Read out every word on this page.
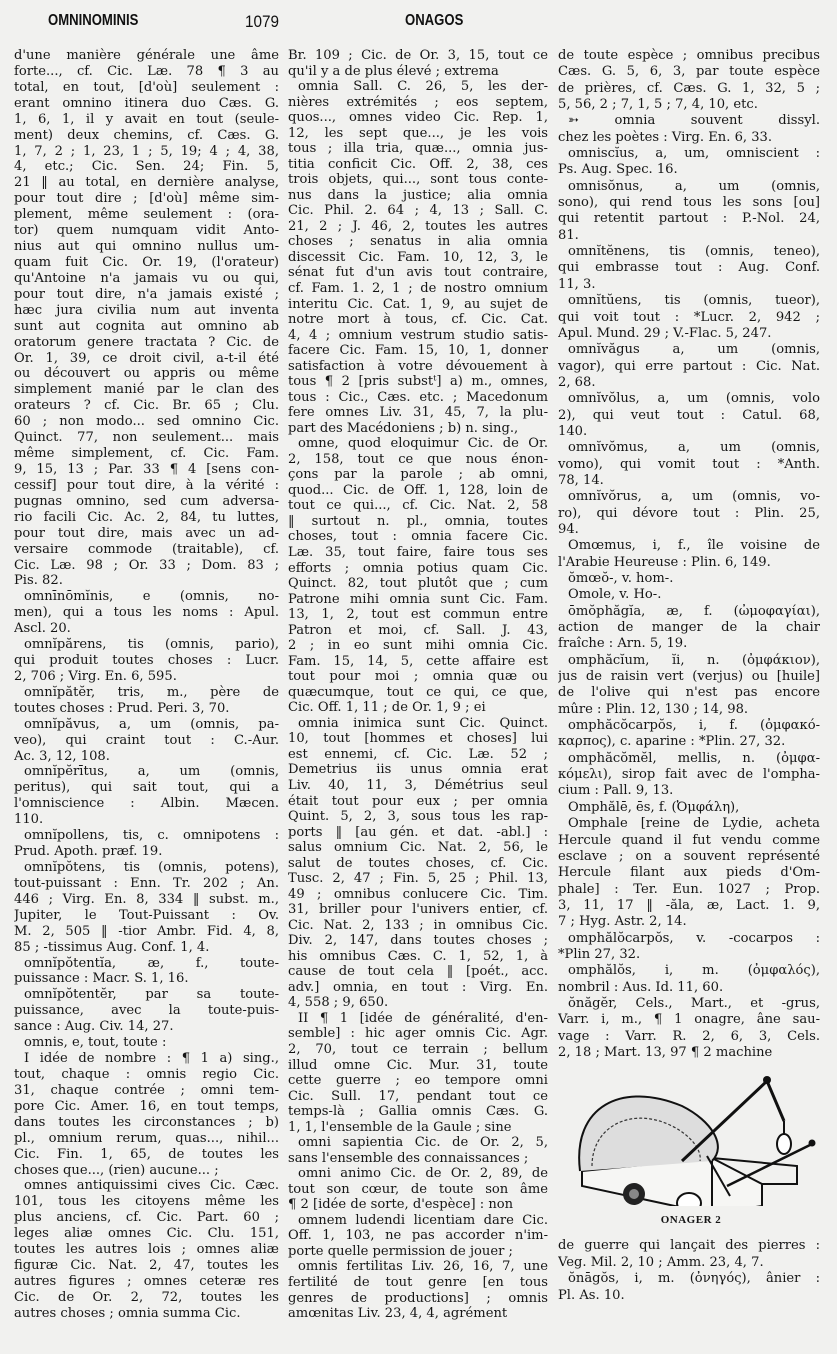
OMNINOMINIS	1079	ONAGOS
d'une manière générale une âme
forte..., cf. Cic. Læ. 78 ¶ 3 au
total, en tout, [d'où] seulement :
erant omnino itinera duo Cæs. G.
1, 6, 1, il y avait en tout (seule-
ment) deux chemins, cf. Cæs. G.
1, 7, 2 ; 1, 23, 1 ; 5, 19; 4 ; 4, 38,
4, etc.; Cic. Sen. 24; Fin. 5,
21 ‖ au total, en dernière analyse,
pour tout dire ; [d'où] même sim-
plement, même seulement : (ora-
tor) quem numquam vidit Anto-
nius aut qui omnino nullus um-
quam fuit Cic. Or. 19, (l'orateur)
qu'Antoine n'a jamais vu ou qui,
pour tout dire, n'a jamais existé ;
hæc jura civilia num aut inventa
sunt aut cognita aut omnino ab
oratorum genere tractata ? Cic. de
Or. 1, 39, ce droit civil, a-t-il été
ou découvert ou appris ou même
simplement manié par le clan des
orateurs ? cf. Cic. Br. 65 ; Clu.
60 ; non modo... sed omnino Cic.
Quinct. 77, non seulement... mais
même simplement, cf. Cic. Fam.
9, 15, 13 ; Par. 33 ¶ 4 [sens con-
cessif] pour tout dire, à la vérité :
pugnas omnino, sed cum adversa-
rio facili Cic. Ac. 2, 84, tu luttes,
pour tout dire, mais avec un ad-
versaire commode (traitable), cf.
Cic. Læ. 98 ; Or. 33 ; Dom. 83 ;
Pis. 82.
omnīnōmĭnis, e (omnis, no-
men), qui a tous les noms : Apul.
Ascl. 20.
omnĭpărens, tis (omnis, pario),
qui produit toutes choses : Lucr.
2, 706 ; Virg. En. 6, 595.
omnĭpătĕr, tris, m., père de
toutes choses : Prud. Peri. 3, 70.
omnĭpăvus, a, um (omnis, pa-
veo), qui craint tout : C.-Aur.
Ac. 3, 12, 108.
omnĭpĕrītus, a, um (omnis,
peritus), qui sait tout, qui a
l'omniscience : Albin. Mæcen.
110.
omnĭpollens, tis, c. omnipotens :
Prud. Apoth. præf. 19.
omnĭpŏtens, tis (omnis, potens),
tout-puissant : Enn. Tr. 202 ; An.
446 ; Virg. En. 8, 334 ‖ subst. m.,
Jupiter, le Tout-Puissant : Ov.
M. 2, 505 ‖ -tior Ambr. Fid. 4, 8,
85 ; -tissimus Aug. Conf. 1, 4.
omnĭpŏtentĭa, æ, f., toute-
puissance : Macr. S. 1, 16.
omnĭpŏtentĕr, par sa toute-
puissance, avec la toute-puis-
sance : Aug. Civ. 14, 27.
omnis, e, tout, toute :
I idée de nombre : ¶ 1 a) sing.,
tout, chaque : omnis regio Cic.
31, chaque contrée ; omni tem-
pore Cic. Amer. 16, en tout temps,
dans toutes les circonstances ; b)
pl., omnium rerum, quas..., nihil...
Cic. Fin. 1, 65, de toutes les
choses que..., (rien) aucune... ;
omnes antiquissimi cives Cic. Cæc.
101, tous les citoyens même les
plus anciens, cf. Cic. Part. 60 ;
leges aliæ omnes Cic. Clu. 151,
toutes les autres lois ; omnes aliæ
figuræ Cic. Nat. 2, 47, toutes les
autres figures ; omnes ceteræ res
Cic. de Or. 2, 72, toutes les
autres choses ; omnia summa Cic.
Br. 109 ; Cic. de Or. 3, 15, tout ce
qu'il y a de plus élevé ; extrema
omnia Sall. C. 26, 5, les der-
nières extrémités ; eos septem,
quos..., omnes video Cic. Rep. 1,
12, les sept que..., je les vois
tous ; illa tria, quæ..., omnia jus-
titia conficit Cic. Off. 2, 38, ces
trois objets, qui..., sont tous conte-
nus dans la justice; alia omnia
Cic. Phil. 2. 64 ; 4, 13 ; Sall. C.
21, 2 ; J. 46, 2, toutes les autres
choses ; senatus in alia omnia
discessit Cic. Fam. 10, 12, 3, le
sénat fut d'un avis tout contraire,
cf. Fam. 1. 2, 1 ; de nostro omnium
interitu Cic. Cat. 1, 9, au sujet de
notre mort à tous, cf. Cic. Cat.
4, 4 ; omnium vestrum studio satis-
facere Cic. Fam. 15, 10, 1, donner
satisfaction à votre dévouement à
tous ¶ 2 [pris substᵗ] a) m., omnes,
tous : Cic., Cæs. etc. ; Macedonum
fere omnes Liv. 31, 45, 7, la plu-
part des Macédoniens ; b) n. sing.,
omne, quod eloquimur Cic. de Or.
2, 158, tout ce que nous énon-
çons par la parole ; ab omni,
quod... Cic. de Off. 1, 128, loin de
tout ce qui..., cf. Cic. Nat. 2, 58
‖ surtout n. pl., omnia, toutes
choses, tout : omnia facere Cic.
Læ. 35, tout faire, faire tous ses
efforts ; omnia potius quam Cic.
Quinct. 82, tout plutôt que ; cum
Patrone mihi omnia sunt Cic. Fam.
13, 1, 2, tout est commun entre
Patron et moi, cf. Sall. J. 43,
2 ; in eo sunt mihi omnia Cic.
Fam. 15, 14, 5, cette affaire est
tout pour moi ; omnia quæ ou
quæcumque, tout ce qui, ce que,
Cic. Off. 1, 11 ; de Or. 1, 9 ; ei
omnia inimica sunt Cic. Quinct.
10, tout [hommes et choses] lui
est ennemi, cf. Cic. Læ. 52 ;
Demetrius iis unus omnia erat
Liv. 40, 11, 3, Démétrius seul
était tout pour eux ; per omnia
Quint. 5, 2, 3, sous tous les rap-
ports ‖ [au gén. et dat. -abl.] :
salus omnium Cic. Nat. 2, 56, le
salut de toutes choses, cf. Cic.
Tusc. 2, 47 ; Fin. 5, 25 ; Phil. 13,
49 ; omnibus conlucere Cic. Tim.
31, briller pour l'univers entier, cf.
Cic. Nat. 2, 133 ; in omnibus Cic.
Div. 2, 147, dans toutes choses ;
his omnibus Cæs. C. 1, 52, 1, à
cause de tout cela ‖ [poét., acc.
adv.] omnia, en tout : Virg. En.
4, 558 ; 9, 650.
II ¶ 1 [idée de généralité, d'en-
semble] : hic ager omnis Cic. Agr.
2, 70, tout ce terrain ; bellum
illud omne Cic. Mur. 31, toute
cette guerre ; eo tempore omni
Cic. Sull. 17, pendant tout ce
temps-là ; Gallia omnis Cæs. G.
1, 1, l'ensemble de la Gaule ; sine
omni sapientia Cic. de Or. 2, 5,
sans l'ensemble des connaissances ;
omni animo Cic. de Or. 2, 89, de
tout son cœur, de toute son âme
¶ 2 [idée de sorte, d'espèce] : non
omnem ludendi licentiam dare Cic.
Off. 1, 103, ne pas accorder n'im-
porte quelle permission de jouer ;
omnis fertilitas Liv. 26, 16, 7, une
fertilité de tout genre [en tous
genres de productions] ; omnis
amœnitas Liv. 23, 4, 4, agrément
de toute espèce ; omnibus precibus
Cæs. G. 5, 6, 3, par toute espèce
de prières, cf. Cæs. G. 1, 32, 5 ;
5, 56, 2 ; 7, 1, 5 ; 7, 4, 10, etc.
➳ omnia souvent dissyl.
chez les poètes : Virg. En. 6, 33.
omniscĭus, a, um, omniscient :
Ps. Aug. Spec. 16.
omnisŏnus, a, um (omnis,
sono), qui rend tous les sons [ou]
qui retentit partout : P.-Nol. 24,
81.
omnĭtĕnens, tis (omnis, teneo),
qui embrasse tout : Aug. Conf.
11, 3.
omnĭtŭens, tis (omnis, tueor),
qui voit tout : *Lucr. 2, 942 ;
Apul. Mund. 29 ; V.-Flac. 5, 247.
omnĭvăgus a, um (omnis,
vagor), qui erre partout : Cic. Nat.
2, 68.
omnĭvŏlus, a, um (omnis, volo
2), qui veut tout : Catul. 68,
140.
omnĭvŏmus, a, um (omnis,
vomo), qui vomit tout : *Anth.
78, 14.
omnĭvŏrus, a, um (omnis, vo-
ro), qui dévore tout : Plin. 25,
94.
Omœmus, i, f., île voisine de
l'Arabie Heureuse : Plin. 6, 149.
ŏmœŏ-, v. hom-.
Omole, v. Ho-.
ōmŏphăgĭa, æ, f. (ὠμοφαγίαι),
action de manger de la chair
fraîche : Arn. 5, 19.
omphăcĭum, ĭi, n. (ὀμφάκιον),
jus de raisin vert (verjus) ou [huile]
de l'olive qui n'est pas encore
mûre : Plin. 12, 130 ; 14, 98.
omphăcŏcarpŏs, i, f. (ὀμφακό-
καρπος), c. aparine : *Plin. 27, 32.
omphăcŏmĕl, mellis, n. (ὀμφα-
κόμελι), sirop fait avec de l'ompha-
cium : Pall. 9, 13.
Omphălē, ēs, f. (Ὀμφάλη),
Omphale [reine de Lydie, acheta
Hercule quand il fut vendu comme
esclave ; on a souvent représenté
Hercule filant aux pieds d'Om-
phale] : Ter. Eun. 1027 ; Prop.
3, 11, 17 ‖ -ăla, æ, Lact. 1. 9,
7 ; Hyg. Astr. 2, 14.
omphălŏcarpŏs, v. -cocarpos :
*Plin 27, 32.
omphălŏs, i, m. (ὀμφαλός),
nombril : Aus. Id. 11, 60.
ŏnăgĕr, Cels., Mart., et -grus,
Varr. i, m., ¶ 1 onagre, âne sau-
vage : Varr. R. 2, 6, 3, Cels.
2, 18 ; Mart. 13, 97 ¶ 2 machine
ONAGER 2
de guerre qui lançait des pierres :
Veg. Mil. 2, 10 ; Amm. 23, 4, 7.
ŏnāgŏs, i, m. (ὀνηγός), ânier :
Pl. As. 10.
